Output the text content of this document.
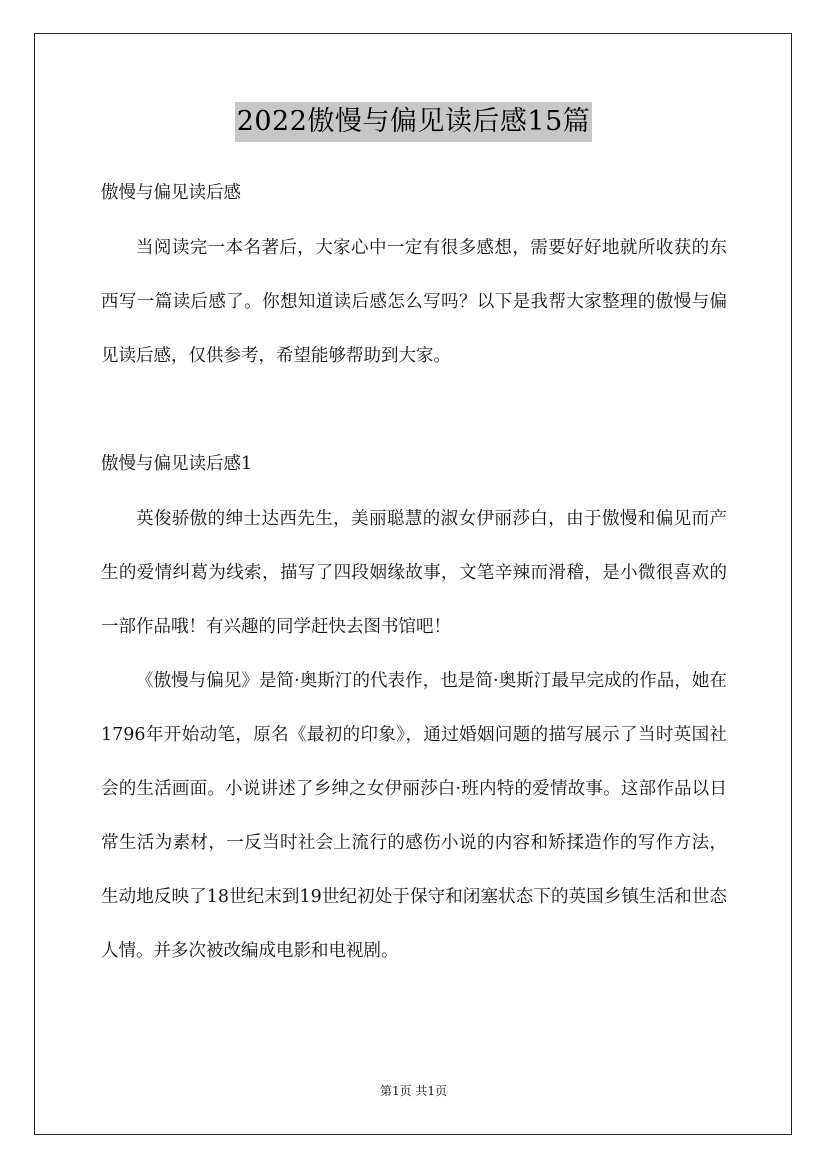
2022傲慢与偏见读后感15篇
傲慢与偏见读后感

当阅读完一本名著后，大家心中一定有很多感想，需要好好地就所收获的东西写一篇读后感了。你想知道读后感怎么写吗？以下是我帮大家整理的傲慢与偏见读后感，仅供参考，希望能够帮助到大家。

傲慢与偏见读后感1

英俊骄傲的绅士达西先生，美丽聪慧的淑女伊丽莎白，由于傲慢和偏见而产生的爱情纠葛为线索，描写了四段姻缘故事，文笔辛辣而滑稽，是小微很喜欢的一部作品哦！有兴趣的同学赶快去图书馆吧！

《傲慢与偏见》是简·奥斯汀的代表作，也是简·奥斯汀最早完成的作品，她在1796年开始动笔，原名《最初的印象》，通过婚姻问题的描写展示了当时英国社会的生活画面。小说讲述了乡绅之女伊丽莎白·班内特的爱情故事。这部作品以日常生活为素材，一反当时社会上流行的感伤小说的内容和矫揉造作的写作方法，生动地反映了18世纪末到19世纪初处于保守和闭塞状态下的英国乡镇生活和世态人情。并多次被改编成电影和电视剧。

第1页 共1页
